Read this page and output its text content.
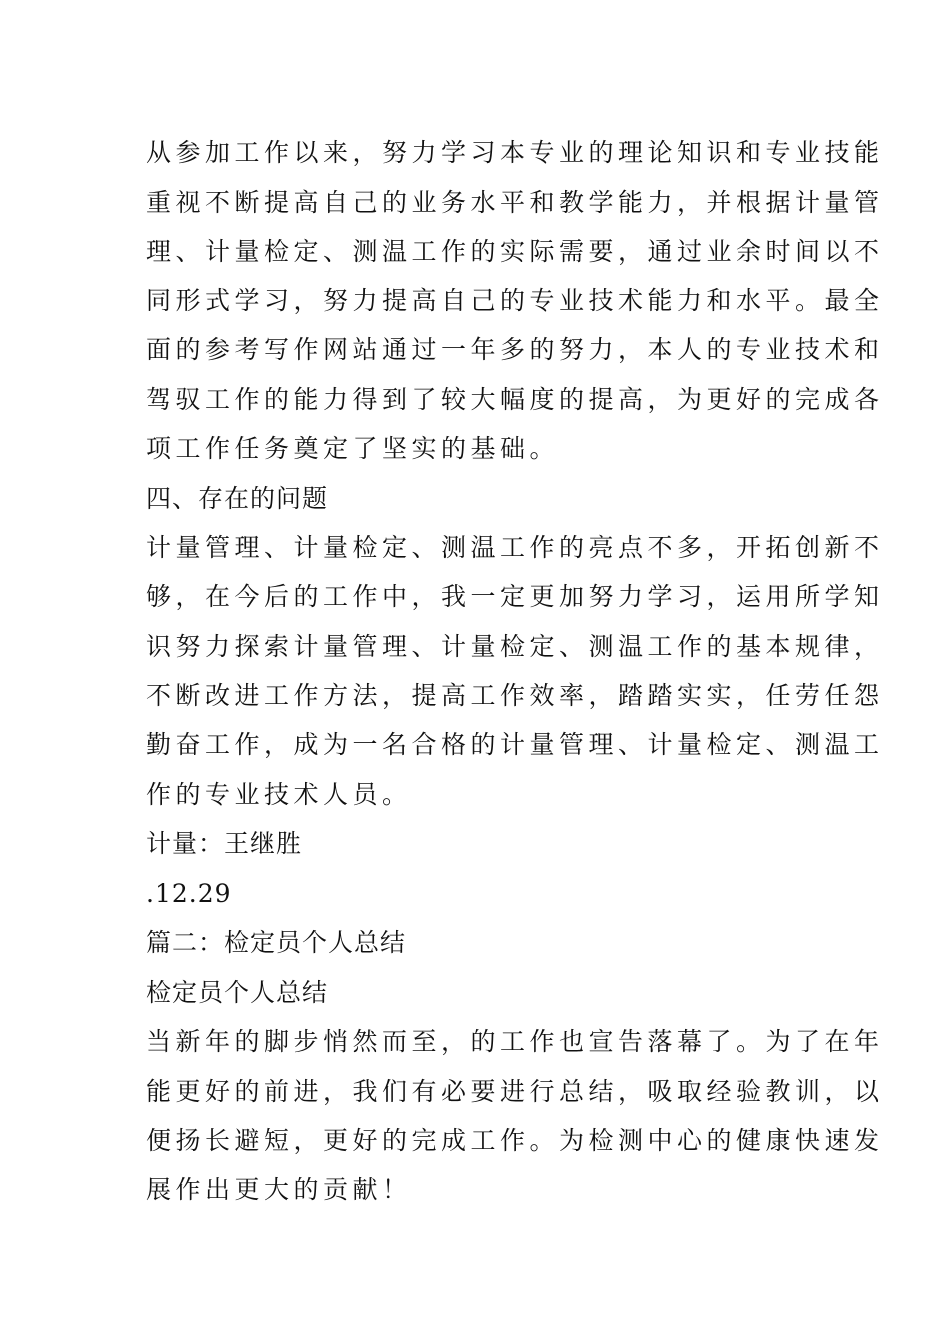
从参加工作以来，努力学习本专业的理论知识和专业技能
重视不断提高自己的业务水平和教学能力，并根据计量管
理、计量检定、测温工作的实际需要，通过业余时间以不
同形式学习，努力提高自己的专业技术能力和水平。最全
面的参考写作网站通过一年多的努力，本人的专业技术和
驾驭工作的能力得到了较大幅度的提高，为更好的完成各
项工作任务奠定了坚实的基础。
四、存在的问题
计量管理、计量检定、测温工作的亮点不多，开拓创新不
够，在今后的工作中，我一定更加努力学习，运用所学知
识努力探索计量管理、计量检定、测温工作的基本规律，
不断改进工作方法，提高工作效率，踏踏实实，任劳任怨
勤奋工作，成为一名合格的计量管理、计量检定、测温工
作的专业技术人员。
计量：王继胜
.12.29
篇二：检定员个人总结
检定员个人总结
当新年的脚步悄然而至，的工作也宣告落幕了。为了在年
能更好的前进，我们有必要进行总结，吸取经验教训，以
便扬长避短，更好的完成工作。为检测中心的健康快速发
展作出更大的贡献！
